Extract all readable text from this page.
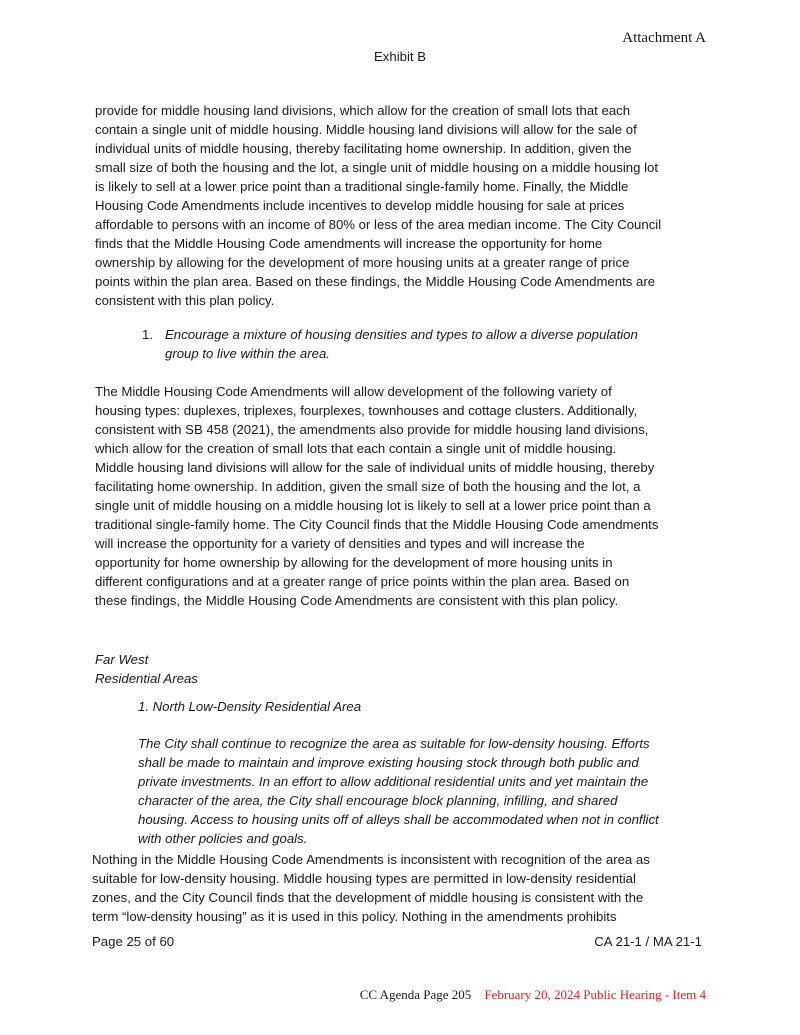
Attachment A
Exhibit B
provide for middle housing land divisions, which allow for the creation of small lots that each
contain a single unit of middle housing. Middle housing land divisions will allow for the sale of
individual units of middle housing, thereby facilitating home ownership. In addition, given the
small size of both the housing and the lot, a single unit of middle housing on a middle housing lot
is likely to sell at a lower price point than a traditional single-family home. Finally, the Middle
Housing Code Amendments include incentives to develop middle housing for sale at prices
affordable to persons with an income of 80% or less of the area median income. The City Council
finds that the Middle Housing Code amendments will increase the opportunity for home
ownership by allowing for the development of more housing units at a greater range of price
points within the plan area. Based on these findings, the Middle Housing Code Amendments are
consistent with this plan policy.
1. Encourage a mixture of housing densities and types to allow a diverse population
group to live within the area.
The Middle Housing Code Amendments will allow development of the following variety of
housing types: duplexes, triplexes, fourplexes, townhouses and cottage clusters. Additionally,
consistent with SB 458 (2021), the amendments also provide for middle housing land divisions,
which allow for the creation of small lots that each contain a single unit of middle housing.
Middle housing land divisions will allow for the sale of individual units of middle housing, thereby
facilitating home ownership. In addition, given the small size of both the housing and the lot, a
single unit of middle housing on a middle housing lot is likely to sell at a lower price point than a
traditional single-family home. The City Council finds that the Middle Housing Code amendments
will increase the opportunity for a variety of densities and types and will increase the
opportunity for home ownership by allowing for the development of more housing units in
different configurations and at a greater range of price points within the plan area. Based on
these findings, the Middle Housing Code Amendments are consistent with this plan policy.
Far West
Residential Areas
1. North Low-Density Residential Area
The City shall continue to recognize the area as suitable for low-density housing. Efforts
shall be made to maintain and improve existing housing stock through both public and
private investments. In an effort to allow additional residential units and yet maintain the
character of the area, the City shall encourage block planning, infilling, and shared
housing. Access to housing units off of alleys shall be accommodated when not in conflict
with other policies and goals.
Nothing in the Middle Housing Code Amendments is inconsistent with recognition of the area as
suitable for low-density housing. Middle housing types are permitted in low-density residential
zones, and the City Council finds that the development of middle housing is consistent with the
term “low-density housing” as it is used in this policy. Nothing in the amendments prohibits
Page 25 of 60	CA 21-1 / MA 21-1
CC Agenda Page 205 February 20, 2024 Public Hearing - Item 4
